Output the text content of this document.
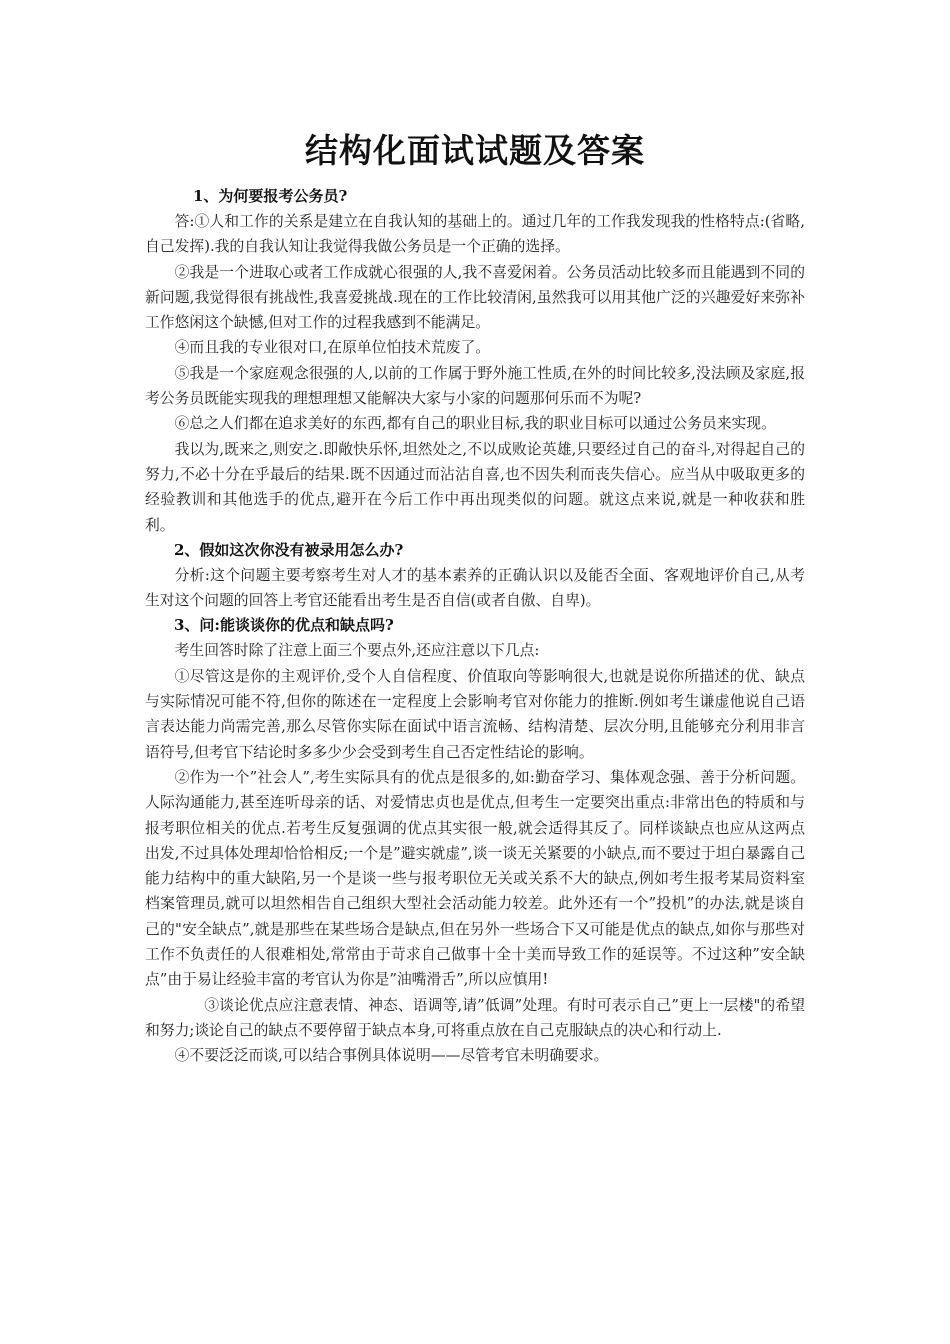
结构化面试试题及答案
1、为何要报考公务员?

答:①人和工作的关系是建立在自我认知的基础上的。通过几年的工作我发现我的性格特点:(省略,自己发挥).我的自我认知让我觉得我做公务员是一个正确的选择。

②我是一个进取心或者工作成就心很强的人,我不喜爱闲着。公务员活动比较多而且能遇到不同的新问题,我觉得很有挑战性,我喜爱挑战.现在的工作比较清闲,虽然我可以用其他广泛的兴趣爱好来弥补工作悠闲这个缺憾,但对工作的过程我感到不能满足。

④而且我的专业很对口,在原单位怕技术荒废了。

⑤我是一个家庭观念很强的人,以前的工作属于野外施工性质,在外的时间比较多,没法顾及家庭,报考公务员既能实现我的理想理想又能解决大家与小家的问题那何乐而不为呢?

⑥总之人们都在追求美好的东西,都有自己的职业目标,我的职业目标可以通过公务员来实现。

我以为,既来之,则安之.即敞快乐怀,坦然处之,不以成败论英雄,只要经过自己的奋斗,对得起自己的努力,不必十分在乎最后的结果.既不因通过而沾沾自喜,也不因失利而丧失信心。应当从中吸取更多的经验教训和其他选手的优点,避开在今后工作中再出现类似的问题。就这点来说,就是一种收获和胜利。

2、假如这次你没有被录用怎么办?

分析:这个问题主要考察考生对人才的基本素养的正确认识以及能否全面、客观地评价自己,从考生对这个问题的回答上考官还能看出考生是否自信(或者自傲、自卑)。

3、问:能谈谈你的优点和缺点吗?

考生回答时除了注意上面三个要点外,还应注意以下几点:

①尽管这是你的主观评价,受个人自信程度、价值取向等影响很大,也就是说你所描述的优、缺点与实际情况可能不符,但你的陈述在一定程度上会影响考官对你能力的推断.例如考生谦虚他说自己语言表达能力尚需完善,那么尽管你实际在面试中语言流畅、结构清楚、层次分明,且能够充分利用非言语符号,但考官下结论时多多少少会受到考生自己否定性结论的影响。

②作为一个”社会人”,考生实际具有的优点是很多的,如:勤奋学习、集体观念强、善于分析问题。人际沟通能力,甚至连听母亲的话、对爱情忠贞也是优点,但考生一定要突出重点:非常出色的特质和与报考职位相关的优点.若考生反复强调的优点其实很一般,就会适得其反了。同样谈缺点也应从这两点出发,不过具体处理却恰恰相反;一个是”避实就虚”,谈一谈无关紧要的小缺点,而不要过于坦白暴露自己能力结构中的重大缺陷,另一个是谈一些与报考职位无关或关系不大的缺点,例如考生报考某局资料室档案管理员,就可以坦然相告自己组织大型社会活动能力较差。此外还有一个”投机”的办法,就是谈自己的"安全缺点”,就是那些在某些场合是缺点,但在另外一些场合下又可能是优点的缺点,如你与那些对工作不负责任的人很难相处,常常由于苛求自己做事十全十美而导致工作的延误等。不过这种”安全缺点”由于易让经验丰富的考官认为你是”油嘴滑舌”,所以应慎用!

③谈论优点应注意表情、神态、语调等,请”低调”处理。有时可表示自己”更上一层楼"的希望和努力;谈论自己的缺点不要停留于缺点本身,可将重点放在自己克服缺点的决心和行动上.

④不要泛泛而谈,可以结合事例具体说明——尽管考官未明确要求。
